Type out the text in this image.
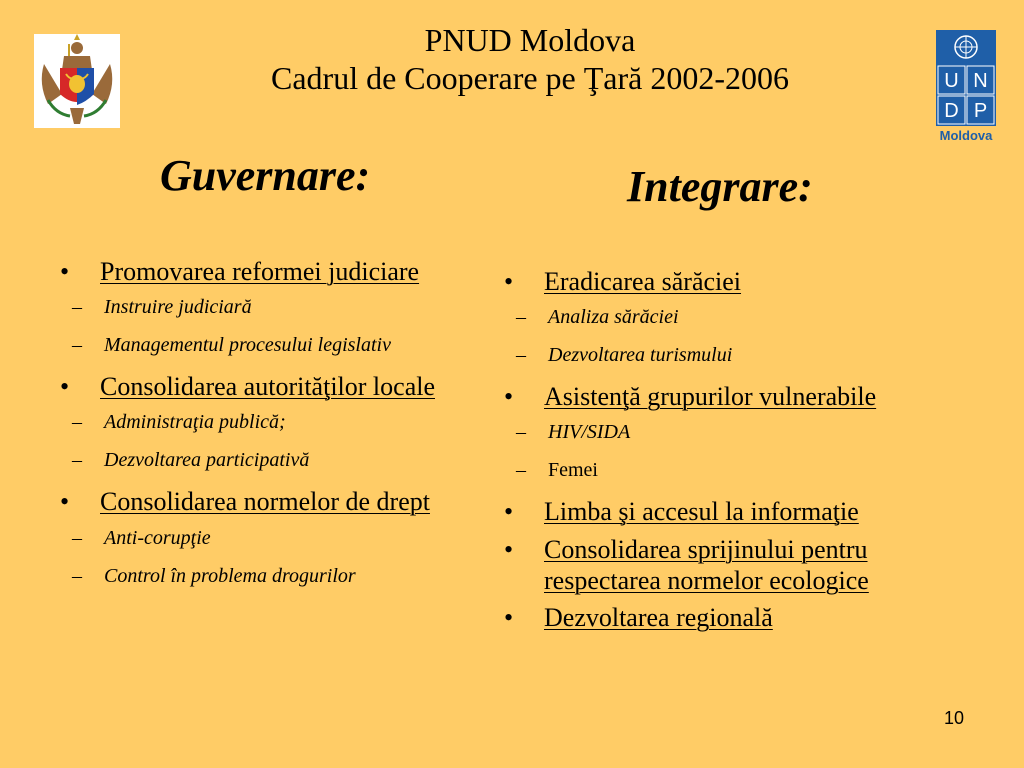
U N
D P
Moldova
PNUD Moldova
Cadrul de Cooperare pe Ţară 2002-2006
Guvernare:	Integrare:
•	Promovarea reformei judiciare
– Instruire judiciară
– Managementul procesului legislativ
•	Consolidarea autorităţilor locale
– Administraţia publică;
– Dezvoltarea participativă
•	Consolidarea normelor de drept
– Anti-corupţie
– Control în problema drogurilor
•	Eradicarea sărăciei
– Analiza sărăciei
– Dezvoltarea turismului
•	Asistenţă grupurilor vulnerabile
– HIV/SIDA
– Femei
•	Limba şi accesul la informaţie
•	Consolidarea sprijinului pentru respectarea normelor ecologice
•	Dezvoltarea regională
10
